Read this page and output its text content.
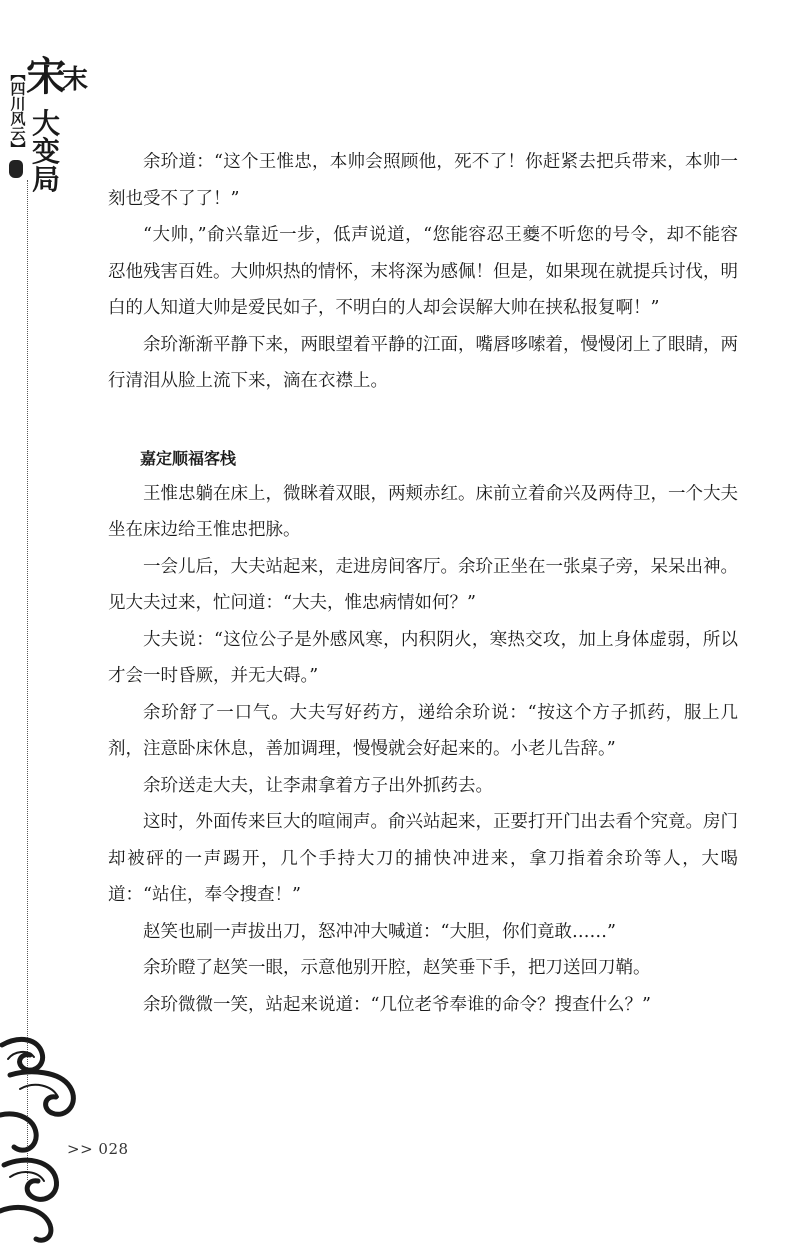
【四川风云】 宋末
大变局
>> 028

余玠道：“这个王惟忠，本帅会照顾他，死不了！你赶紧去把兵带来，本帅一刻也受不了了！”

“大帅，”俞兴靠近一步，低声说道，“您能容忍王夔不听您的号令，却不能容忍他残害百姓。大帅炽热的情怀，末将深为感佩！但是，如果现在就提兵讨伐，明白的人知道大帅是爱民如子，不明白的人却会误解大帅在挟私报复啊！”

余玠渐渐平静下来，两眼望着平静的江面，嘴唇哆嗦着，慢慢闭上了眼睛，两行清泪从脸上流下来，滴在衣襟上。

嘉定顺福客栈

王惟忠躺在床上，微眯着双眼，两颊赤红。床前立着俞兴及两侍卫，一个大夫坐在床边给王惟忠把脉。

一会儿后，大夫站起来，走进房间客厅。余玠正坐在一张桌子旁，呆呆出神。见大夫过来，忙问道：“大夫，惟忠病情如何？”

大夫说：“这位公子是外感风寒，内积阴火，寒热交攻，加上身体虚弱，所以才会一时昏厥，并无大碍。”

余玠舒了一口气。大夫写好药方，递给余玠说：“按这个方子抓药，服上几剂，注意卧床休息，善加调理，慢慢就会好起来的。小老儿告辞。”

余玠送走大夫，让李肃拿着方子出外抓药去。

这时，外面传来巨大的喧闹声。俞兴站起来，正要打开门出去看个究竟。房门却被砰的一声踢开，几个手持大刀的捕快冲进来，拿刀指着余玠等人，大喝道：“站住，奉令搜查！”

赵笑也刷一声拔出刀，怒冲冲大喊道：“大胆，你们竟敢……”

余玠瞪了赵笑一眼，示意他别开腔，赵笑垂下手，把刀送回刀鞘。

余玠微微一笑，站起来说道：“几位老爷奉谁的命令？搜查什么？”
